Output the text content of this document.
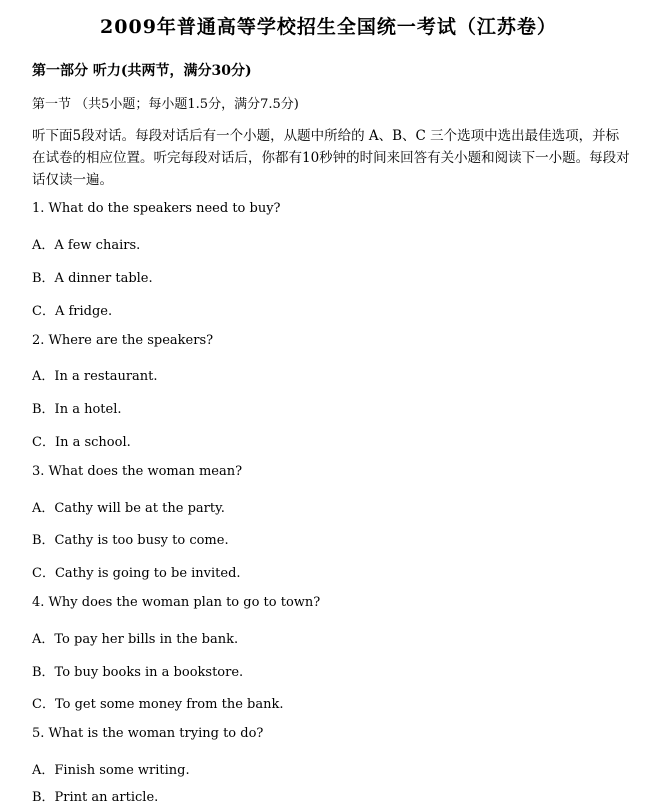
2009年普通高等学校招生全国统一考试（江苏卷）
第一部分 听力(共两节，满分30分)
第一节 （共5小题；每小题1.5分，满分7.5分)
听下面5段对话。每段对话后有一个小题，从题中所给的 A、B、C 三个选项中选出最佳选项，并标在试卷的相应位置。听完每段对话后，你都有10秒钟的时间来回答有关小题和阅读下一小题。每段对话仅读一遍。
1. What do the speakers need to buy?
A．A few chairs.
B．A dinner table.
C．A fridge.
2. Where are the speakers?
A．In a restaurant.
B．In a hotel.
C．In a school.
3. What does the woman mean?
A．Cathy will be at the party.
B．Cathy is too busy to come.
C．Cathy is going to be invited.
4. Why does the woman plan to go to town?
A．To pay her bills in the bank.
B．To buy books in a bookstore.
C．To get some money from the bank.
5. What is the woman trying to do?
A．Finish some writing.
B．Print an article.
